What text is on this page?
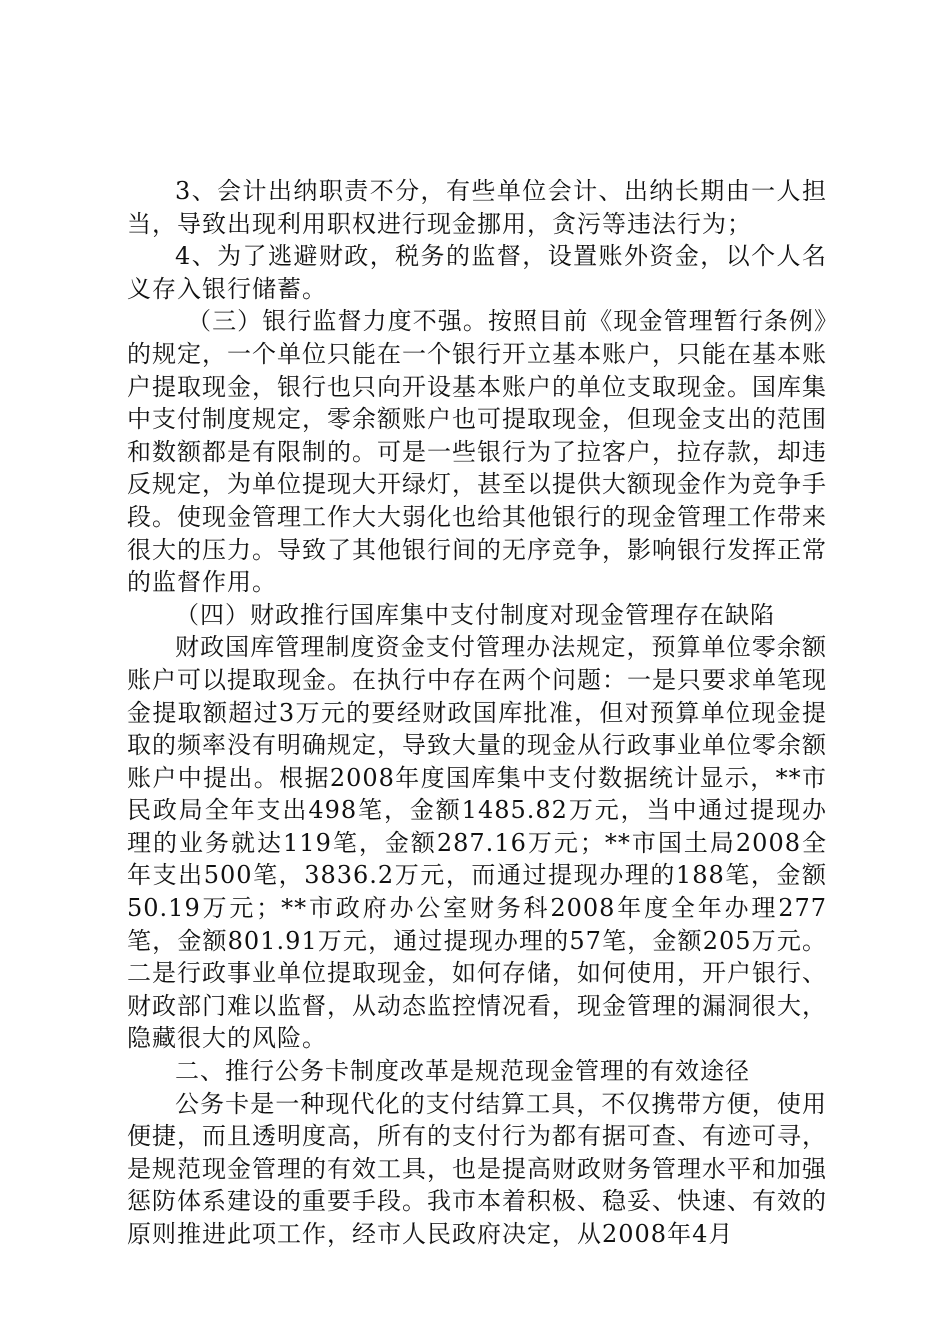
3、会计出纳职责不分，有些单位会计、出纳长期由一人担当，导致出现利用职权进行现金挪用，贪污等违法行为；

4、为了逃避财政，税务的监督，设置账外资金，以个人名义存入银行储蓄。

（三）银行监督力度不强。按照目前《现金管理暂行条例》的规定，一个单位只能在一个银行开立基本账户，只能在基本账户提取现金，银行也只向开设基本账户的单位支取现金。国库集中支付制度规定，零余额账户也可提取现金，但现金支出的范围和数额都是有限制的。可是一些银行为了拉客户，拉存款，却违反规定，为单位提现大开绿灯，甚至以提供大额现金作为竞争手段。使现金管理工作大大弱化也给其他银行的现金管理工作带来很大的压力。导致了其他银行间的无序竞争，影响银行发挥正常的监督作用。

（四）财政推行国库集中支付制度对现金管理存在缺陷

财政国库管理制度资金支付管理办法规定，预算单位零余额账户可以提取现金。在执行中存在两个问题：一是只要求单笔现金提取额超过3万元的要经财政国库批准，但对预算单位现金提取的频率没有明确规定，导致大量的现金从行政事业单位零余额账户中提出。根据2008年度国库集中支付数据统计显示，**市民政局全年支出498笔，金额1485.82万元，当中通过提现办理的业务就达119笔，金额287.16万元；**市国土局2008全年支出500笔，3836.2万元，而通过提现办理的188笔，金额50.19万元；**市政府办公室财务科2008年度全年办理277笔，金额801.91万元，通过提现办理的57笔，金额205万元。二是行政事业单位提取现金，如何存储，如何使用，开户银行、财政部门难以监督，从动态监控情况看，现金管理的漏洞很大，隐藏很大的风险。

二、推行公务卡制度改革是规范现金管理的有效途径

公务卡是一种现代化的支付结算工具，不仅携带方便，使用便捷，而且透明度高，所有的支付行为都有据可查、有迹可寻，是规范现金管理的有效工具，也是提高财政财务管理水平和加强惩防体系建设的重要手段。我市本着积极、稳妥、快速、有效的原则推进此项工作，经市人民政府决定，从2008年4月
